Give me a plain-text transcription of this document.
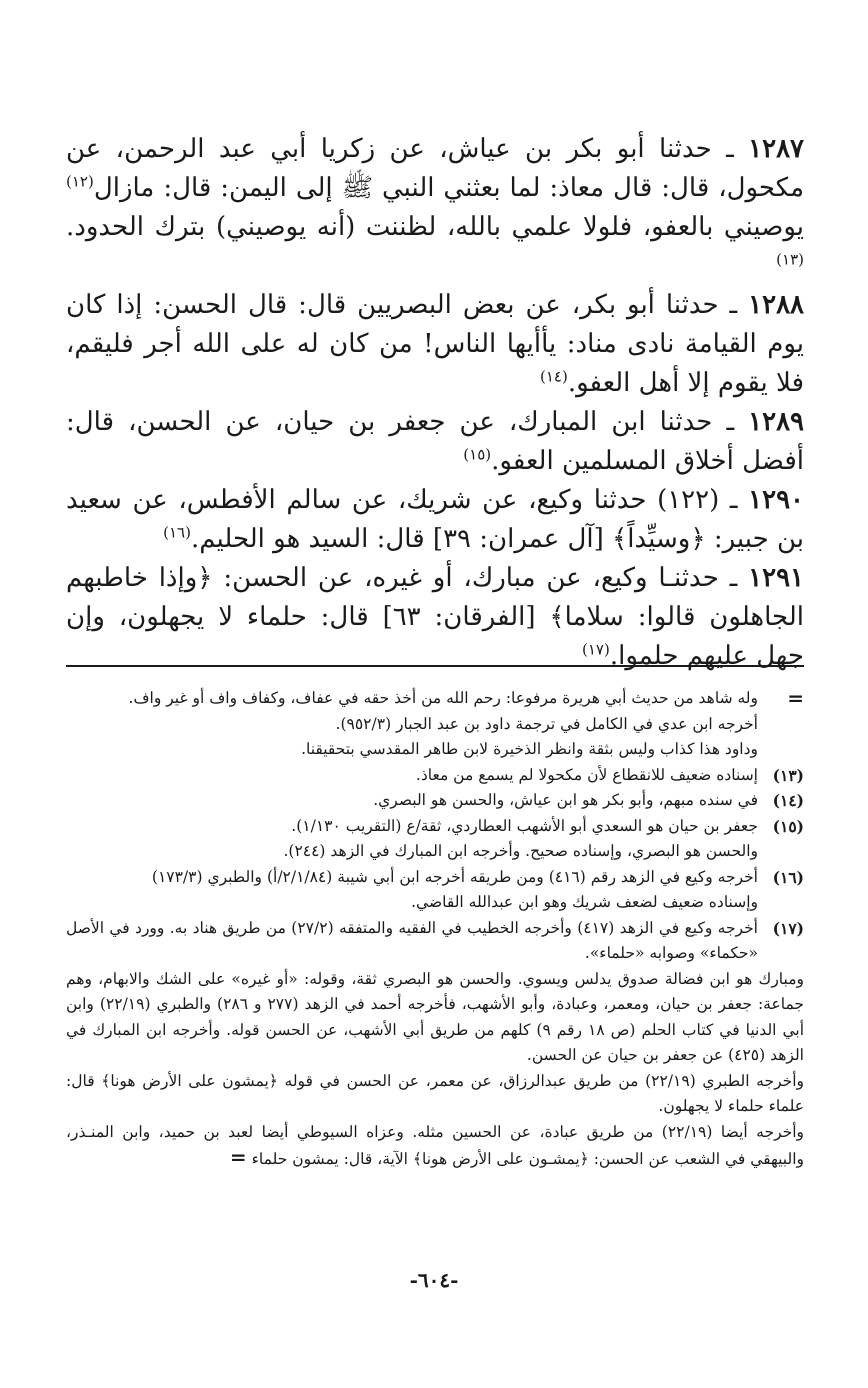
١٢٨٧ ـ حدثنا أبو بكر بن عياش، عن زكريا أبي عبد الرحمن، عن مكحول، قال: قال معاذ: لما بعثني النبي ﷺ إلى اليمن: قال: مازال$^{(١٢)}$ يوصيني بالعفو، فلولا علمي بالله، لظننت (أنه يوصيني) بترك الحدود.$^{(١٣)}$

١٢٨٨ ـ حدثنا أبو بكر، عن بعض البصريين قال: قال الحسن: إذا كان يوم القيامة نادى مناد: يأأيها الناس! من كان له على الله أجر فليقم، فلا يقوم إلا أهل العفو.$^{(١٤)}$

١٢٨٩ ـ حدثنا ابن المبارك، عن جعفر بن حيان، عن الحسن، قال: أفضل أخلاق المسلمين العفو.$^{(١٥)}$

١٢٩٠ ـ (١٢٢) حدثنا وكيع، عن شريك، عن سالم الأفطس، عن سعيد بن جبير: ﴿وسيِّداً﴾ [آل عمران: ٣٩] قال: السيد هو الحليم.$^{(١٦)}$

١٢٩١ ـ حدثنـا وكيع، عن مبارك، أو غيره، عن الحسن: ﴿وإذا خاطبهم الجاهلون قالوا: سلاما﴾ [الفرقان: ٦٣] قال: حلماء لا يجهلون، وإن جهل عليهم حلموا.$^{(١٧)}$

=
وله شاهد من حديث أبي هريرة مرفوعا: رحم الله من أخذ حقه في عفاف، وكفاف واف أو غير واف.
أخرجه ابن عدي في الكامل في ترجمة داود بن عبد الجبار (٩٥٢/٣).
وداود هذا كذاب وليس بثقة وانظر الذخيرة لابن طاهر المقدسي بتحقيقنا.
(١٣)
إسناده ضعيف للانقطاع لأن مكحولا لم يسمع من معاذ.
(١٤)
في سنده مبهم، وأبو بكر هو ابن عياش، والحسن هو البصري.
(١٥)
جعفر بن حيان هو السعدي أبو الأشهب العطاردي، ثقة/ع (التقريب ١/١٣٠).
والحسن هو البصري، وإسناده صحيح. وأخرجه ابن المبارك في الزهد (٢٤٤).
(١٦)
أخرجه وكيع في الزهد رقم (٤١٦) ومن طريقه أخرجه ابن أبي شيبة (٢/١/٨٤/أ) والطبري (١٧٣/٣)
وإسناده ضعيف لضعف شريك وهو ابن عبدالله القاضي.
(١٧)
أخرجه وكيع في الزهد (٤١٧) وأخرجه الخطيب في الفقيه والمتفقه (٢٧/٢) من طريق هناد به. وورد في الأصل «حكماء» وصوابه «حلماء».
ومبارك هو ابن فضالة صدوق يدلس ويسوي. والحسن هو البصري ثقة، وقوله: «أو غيره» على الشك والابهام، وهم جماعة: جعفر بن حيان، ومعمر، وعبادة، وأبو الأشهب، فأخرجه أحمد في الزهد (٢٧٧ و ٢٨٦) والطبري (٢٢/١٩) وابن أبي الدنيا في كتاب الحلم (ص ١٨ رقم ٩) كلهم من طريق أبي الأشهب، عن الحسن قوله. وأخرجه ابن المبارك في الزهد (٤٢٥) عن جعفر بن حيان عن الحسن.
وأخرجه الطبري (٢٢/١٩) من طريق عبدالرزاق، عن معمر، عن الحسن في قوله ﴿يمشون على الأرض هونا﴾ قال: علماء حلماء لا يجهلون.
وأخرجه أيضا (٢٢/١٩) من طريق عبادة، عن الحسين مثله. وعزاه السيوطي أيضا لعبد بن حميد، وابن المنـذر، والبيهقي في الشعب عن الحسن: ﴿يمشـون على الأرض هونا﴾ الآية، قال: يمشون حلماء =
-٦٠٤-
